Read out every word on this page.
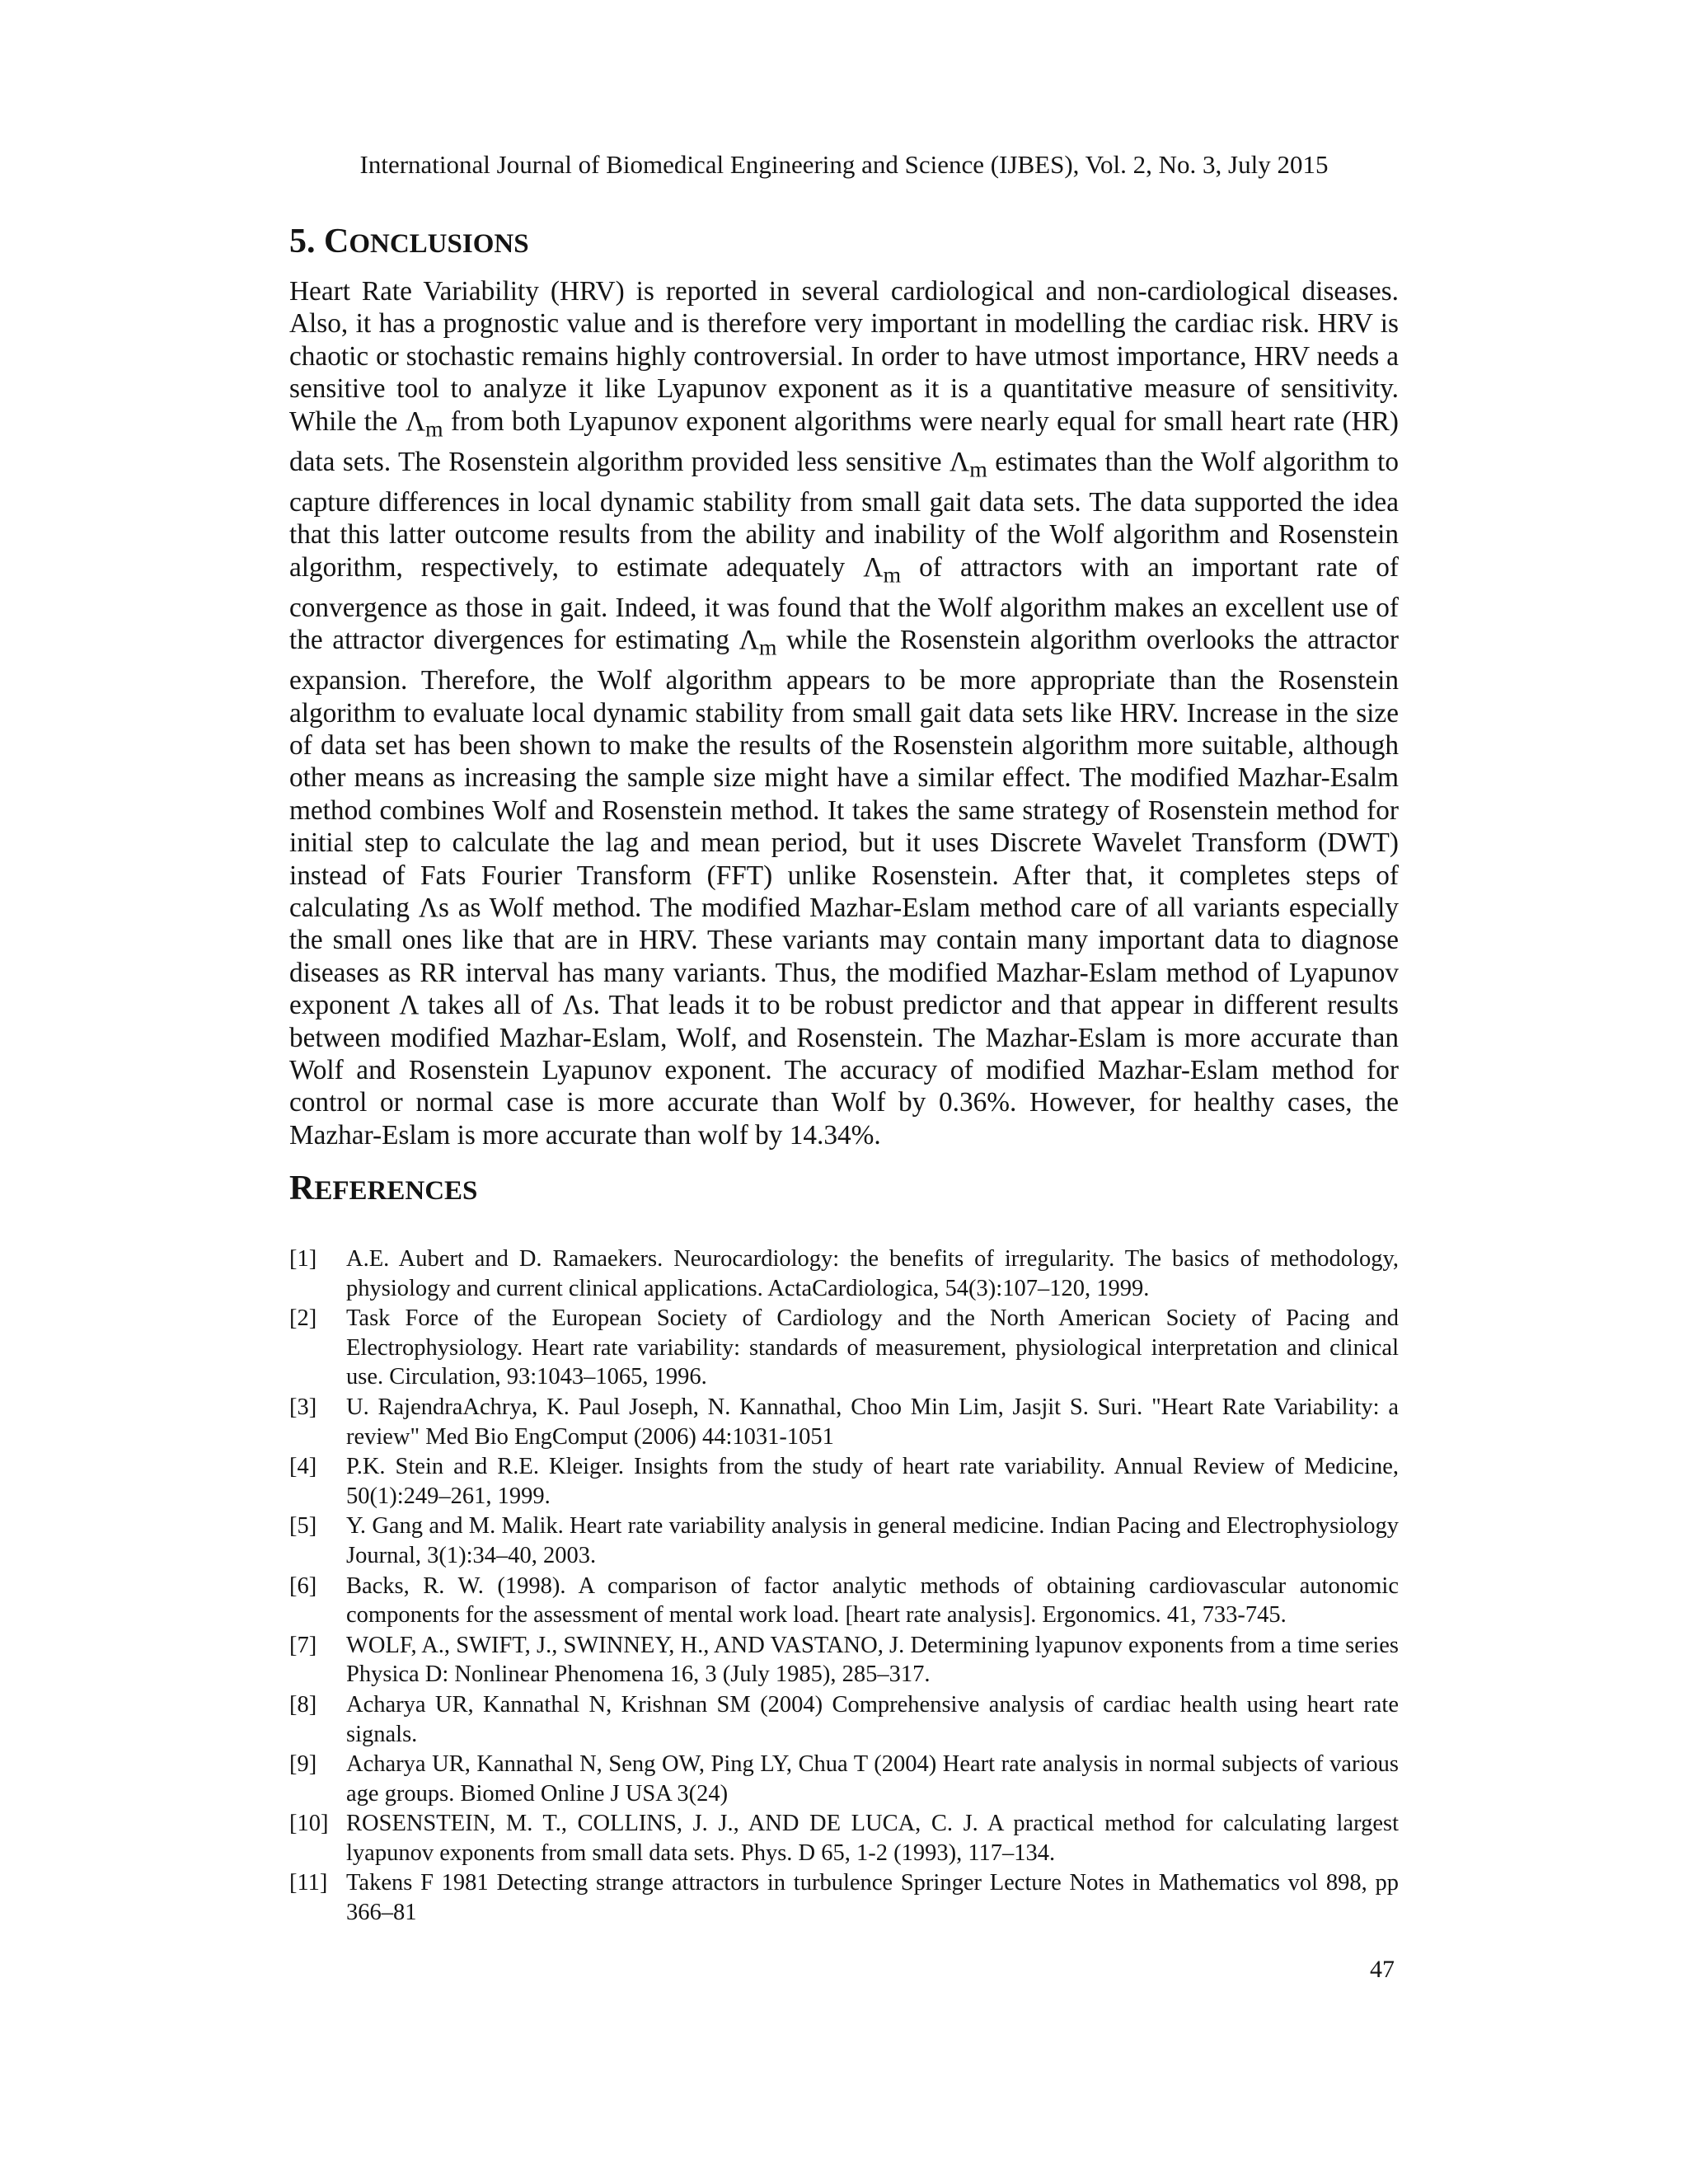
International Journal of Biomedical Engineering and Science (IJBES), Vol. 2, No. 3, July 2015
5. CONCLUSIONS

Heart Rate Variability (HRV) is reported in several cardiological and non-cardiological diseases. Also, it has a prognostic value and is therefore very important in modelling the cardiac risk. HRV is chaotic or stochastic remains highly controversial. In order to have utmost importance, HRV needs a sensitive tool to analyze it like Lyapunov exponent as it is a quantitative measure of sensitivity. While the $\Lambda_m$ from both Lyapunov exponent algorithms were nearly equal for small heart rate (HR) data sets. The Rosenstein algorithm provided less sensitive $\Lambda_m$ estimates than the Wolf algorithm to capture differences in local dynamic stability from small gait data sets. The data supported the idea that this latter outcome results from the ability and inability of the Wolf algorithm and Rosenstein algorithm, respectively, to estimate adequately $\Lambda_m$ of attractors with an important rate of convergence as those in gait. Indeed, it was found that the Wolf algorithm makes an excellent use of the attractor divergences for estimating $\Lambda_m$ while the Rosenstein algorithm overlooks the attractor expansion. Therefore, the Wolf algorithm appears to be more appropriate than the Rosenstein algorithm to evaluate local dynamic stability from small gait data sets like HRV. Increase in the size of data set has been shown to make the results of the Rosenstein algorithm more suitable, although other means as increasing the sample size might have a similar effect. The modified Mazhar-Esalm method combines Wolf and Rosenstein method. It takes the same strategy of Rosenstein method for initial step to calculate the lag and mean period, but it uses Discrete Wavelet Transform (DWT) instead of Fats Fourier Transform (FFT) unlike Rosenstein. After that, it completes steps of calculating Λs as Wolf method. The modified Mazhar-Eslam method care of all variants especially the small ones like that are in HRV. These variants may contain many important data to diagnose diseases as RR interval has many variants. Thus, the modified Mazhar-Eslam method of Lyapunov exponent Λ takes all of Λs. That leads it to be robust predictor and that appear in different results between modified Mazhar-Eslam, Wolf, and Rosenstein. The Mazhar-Eslam is more accurate than Wolf and Rosenstein Lyapunov exponent. The accuracy of modified Mazhar-Eslam method for control or normal case is more accurate than Wolf by 0.36%. However, for healthy cases, the Mazhar-Eslam is more accurate than wolf by 14.34%.

REFERENCES
[1] A.E. Aubert and D. Ramaekers. Neurocardiology: the benefits of irregularity. The basics of methodology, physiology and current clinical applications. ActaCardiologica, 54(3):107–120, 1999.
[2] Task Force of the European Society of Cardiology and the North American Society of Pacing and Electrophysiology. Heart rate variability: standards of measurement, physiological interpretation and clinical use. Circulation, 93:1043–1065, 1996.
[3] U. RajendraAchrya, K. Paul Joseph, N. Kannathal, Choo Min Lim, Jasjit S. Suri. "Heart Rate Variability: a review" Med Bio EngComput (2006) 44:1031-1051
[4] P.K. Stein and R.E. Kleiger. Insights from the study of heart rate variability. Annual Review of Medicine, 50(1):249–261, 1999.
[5] Y. Gang and M. Malik. Heart rate variability analysis in general medicine. Indian Pacing and Electrophysiology Journal, 3(1):34–40, 2003.
[6] Backs, R. W. (1998). A comparison of factor analytic methods of obtaining cardiovascular autonomic components for the assessment of mental work load. [heart rate analysis]. Ergonomics. 41, 733-745.
[7] WOLF, A., SWIFT, J., SWINNEY, H., AND VASTANO, J. Determining lyapunov exponents from a time series Physica D: Nonlinear Phenomena 16, 3 (July 1985), 285–317.
[8] Acharya UR, Kannathal N, Krishnan SM (2004) Comprehensive analysis of cardiac health using heart rate signals.
[9] Acharya UR, Kannathal N, Seng OW, Ping LY, Chua T (2004) Heart rate analysis in normal subjects of various age groups. Biomed Online J USA 3(24)
[10] ROSENSTEIN, M. T., COLLINS, J. J., AND DE LUCA, C. J. A practical method for calculating largest lyapunov exponents from small data sets. Phys. D 65, 1-2 (1993), 117–134.
[11] Takens F 1981 Detecting strange attractors in turbulence Springer Lecture Notes in Mathematics vol 898, pp 366–81
47
